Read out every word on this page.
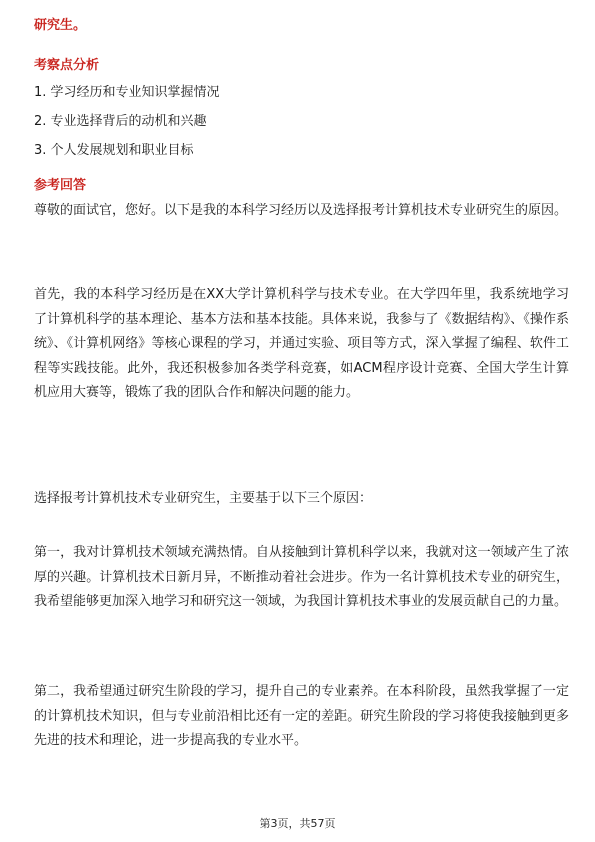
研究生。
考察点分析
1. 学习经历和专业知识掌握情况
2. 专业选择背后的动机和兴趣
3. 个人发展规划和职业目标
参考回答
尊敬的面试官，您好。以下是我的本科学习经历以及选择报考计算机技术专业研究生的原因。
首先，我的本科学习经历是在XX大学计算机科学与技术专业。在大学四年里，我系统地学习了计算机科学的基本理论、基本方法和基本技能。具体来说，我参与了《数据结构》、《操作系统》、《计算机网络》等核心课程的学习，并通过实验、项目等方式，深入掌握了编程、软件工程等实践技能。此外，我还积极参加各类学科竞赛，如ACM程序设计竞赛、全国大学生计算机应用大赛等，锻炼了我的团队合作和解决问题的能力。
选择报考计算机技术专业研究生，主要基于以下三个原因：
第一，我对计算机技术领域充满热情。自从接触到计算机科学以来，我就对这一领域产生了浓厚的兴趣。计算机技术日新月异，不断推动着社会进步。作为一名计算机技术专业的研究生，我希望能够更加深入地学习和研究这一领域，为我国计算机技术事业的发展贡献自己的力量。
第二，我希望通过研究生阶段的学习，提升自己的专业素养。在本科阶段，虽然我掌握了一定的计算机技术知识，但与专业前沿相比还有一定的差距。研究生阶段的学习将使我接触到更多先进的技术和理论，进一步提高我的专业水平。
第3页，共57页
